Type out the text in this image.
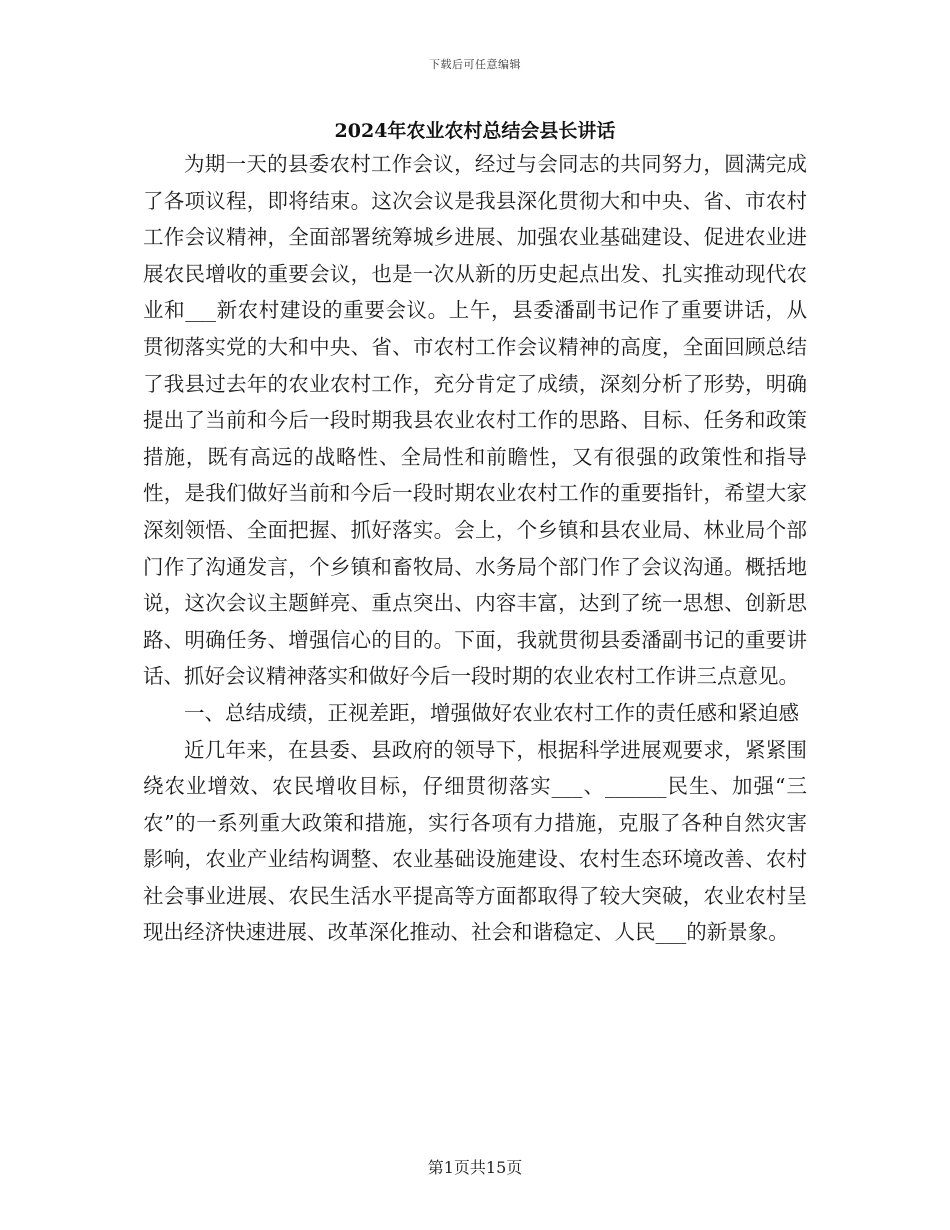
下载后可任意编辑
2024年农业农村总结会县长讲话

为期一天的县委农村工作会议，经过与会同志的共同努力，圆满完成了各项议程，即将结束。这次会议是我县深化贯彻大和中央、省、市农村工作会议精神，全面部署统筹城乡进展、加强农业基础建设、促进农业进展农民增收的重要会议，也是一次从新的历史起点出发、扎实推动现代农业和___新农村建设的重要会议。上午，县委潘副书记作了重要讲话，从贯彻落实党的大和中央、省、市农村工作会议精神的高度，全面回顾总结了我县过去年的农业农村工作，充分肯定了成绩，深刻分析了形势，明确提出了当前和今后一段时期我县农业农村工作的思路、目标、任务和政策措施，既有高远的战略性、全局性和前瞻性，又有很强的政策性和指导性，是我们做好当前和今后一段时期农业农村工作的重要指针，希望大家深刻领悟、全面把握、抓好落实。会上，个乡镇和县农业局、林业局个部门作了沟通发言，个乡镇和畜牧局、水务局个部门作了会议沟通。概括地说，这次会议主题鲜亮、重点突出、内容丰富，达到了统一思想、创新思路、明确任务、增强信心的目的。下面，我就贯彻县委潘副书记的重要讲话、抓好会议精神落实和做好今后一段时期的农业农村工作讲三点意见。

一、总结成绩，正视差距，增强做好农业农村工作的责任感和紧迫感

近几年来，在县委、县政府的领导下，根据科学进展观要求，紧紧围绕农业增效、农民增收目标，仔细贯彻落实___、______民生、加强“三农”的一系列重大政策和措施，实行各项有力措施，克服了各种自然灾害影响，农业产业结构调整、农业基础设施建设、农村生态环境改善、农村社会事业进展、农民生活水平提高等方面都取得了较大突破，农业农村呈现出经济快速进展、改革深化推动、社会和谐稳定、人民___的新景象。

第1页共15页
